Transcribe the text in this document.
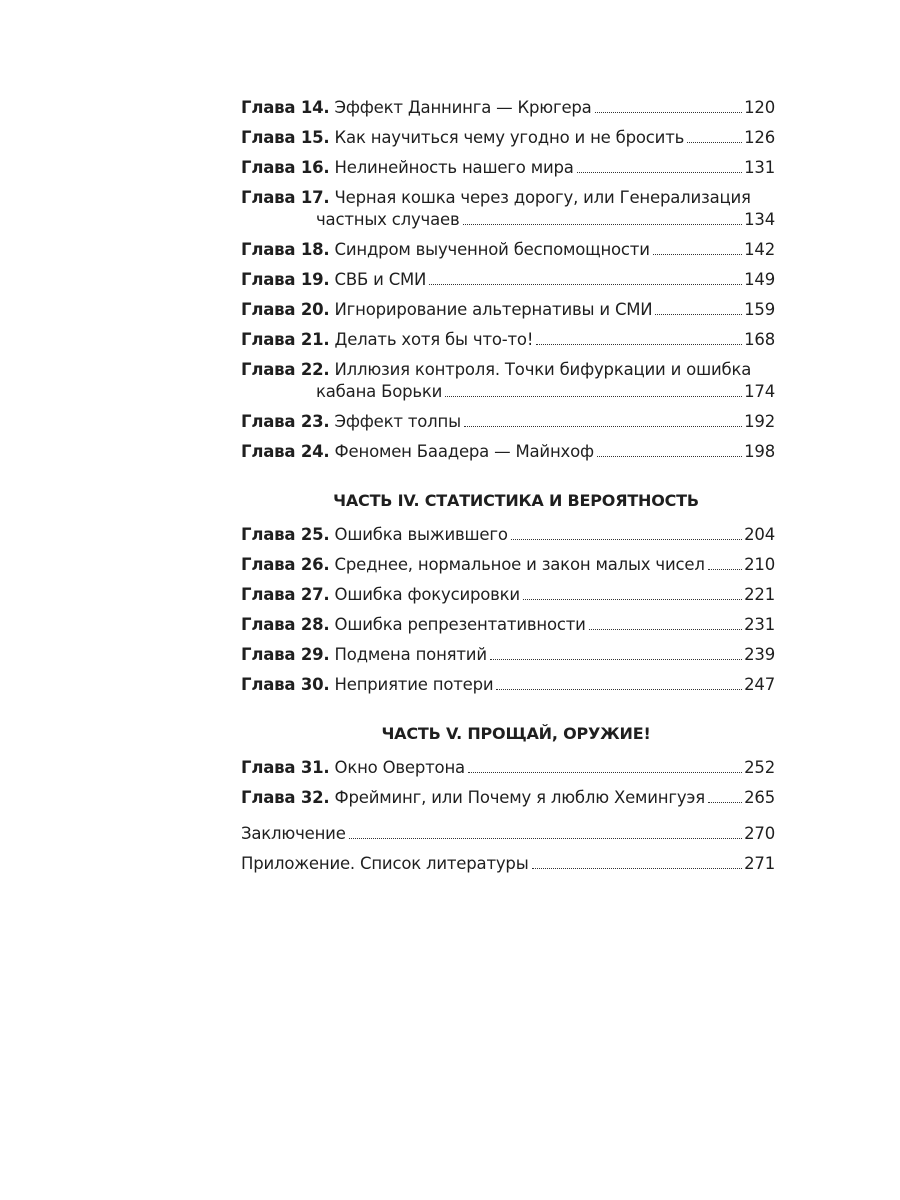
Глава 14. Эффект Даннинга — Крюгера	120
Глава 15. Как научиться чему угодно и не бросить	126
Глава 16. Нелинейность нашего мира	131
Глава 17. Черная кошка через дорогу, или Генерализация
частных случаев	134
Глава 18. Синдром выученной беспомощности	142
Глава 19. СВБ и СМИ	149
Глава 20. Игнорирование альтернативы и СМИ	159
Глава 21. Делать хотя бы что-то!	168
Глава 22. Иллюзия контроля. Точки бифуркации и ошибка
кабана Борьки	174
Глава 23. Эффект толпы	192
Глава 24. Феномен Баадера — Майнхоф	198
ЧАСТЬ IV. СТАТИСТИКА И ВЕРОЯТНОСТЬ
Глава 25. Ошибка выжившего	204
Глава 26. Среднее, нормальное и закон малых чисел 210
Глава 27. Ошибка фокусировки	221
Глава 28. Ошибка репрезентативности	231
Глава 29. Подмена понятий	239
Глава 30. Неприятие потери	247
ЧАСТЬ V. ПРОЩАЙ, ОРУЖИЕ!
Глава 31. Окно Овертона	252
Глава 32. Фрейминг, или Почему я люблю Хемингуэя 265
Заключение	270
Приложение. Список литературы	271
